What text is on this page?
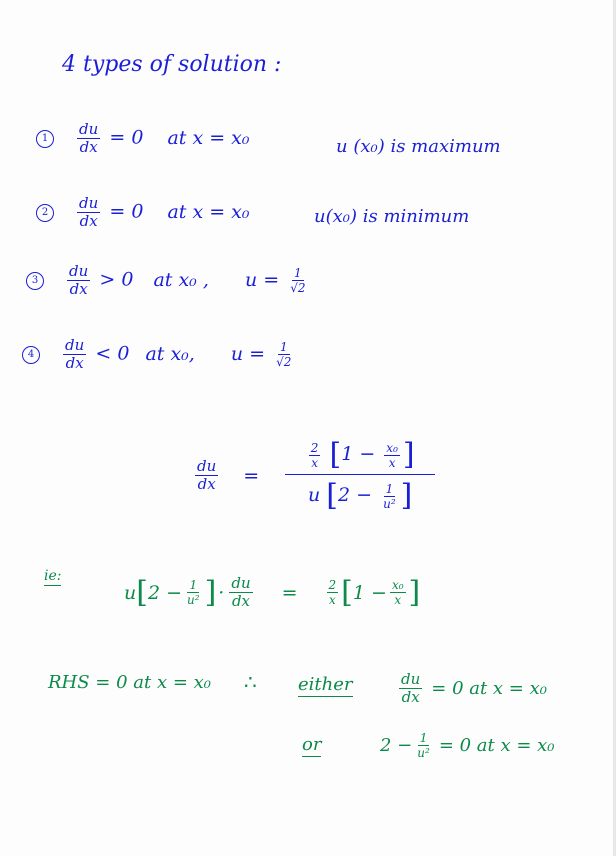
4 types of solution :
$1 \frac{du}{dx} = 0$ at x = x₀	u (x₀) is maximum
$2 \frac{du}{dx} = 0$ at x = x₀	u(x₀) is minimum
$3 \frac{du}{dx} > 0$ at x₀ , $u = \frac{1}{√2}$
$4 \frac{du}{dx} < 0$ at x₀, $u = \frac{1}{√2}$
$\frac{du}{dx}$ =
$\frac{2}{x} [1 - \frac{\text{x₀}}{x}$ ]
u [$2 - \frac{1}{\text{u²}}$ ]
ie:
u [ $2 - \frac{1}{\text{u²}}$ ] · $\frac{du}{dx} = \frac{2}{x}$ [ $1 - \frac{\text{x₀}}{x}$ ]
RHS = 0 at x = x₀ ∴ either	$\frac{du}{dx} = 0$ at x = x₀
or	$2 - \frac{1}{\text{u²}} = 0$ at x = x₀
